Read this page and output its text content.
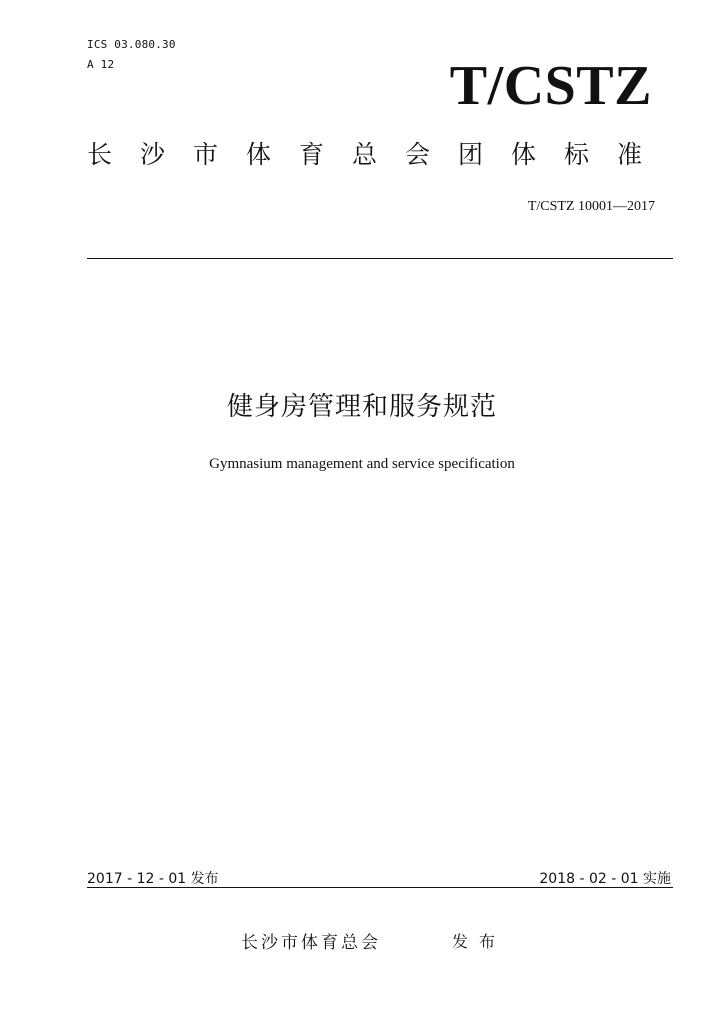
ICS 03.080.30
A 12	T/CSTZ
长沙市体育总会团体标准
T/CSTZ 10001—2017
健身房管理和服务规范
Gymnasium management and service specification
2017 - 12 - 01 发布	2018 - 02 - 01 实施
长沙市体育总会	发布
